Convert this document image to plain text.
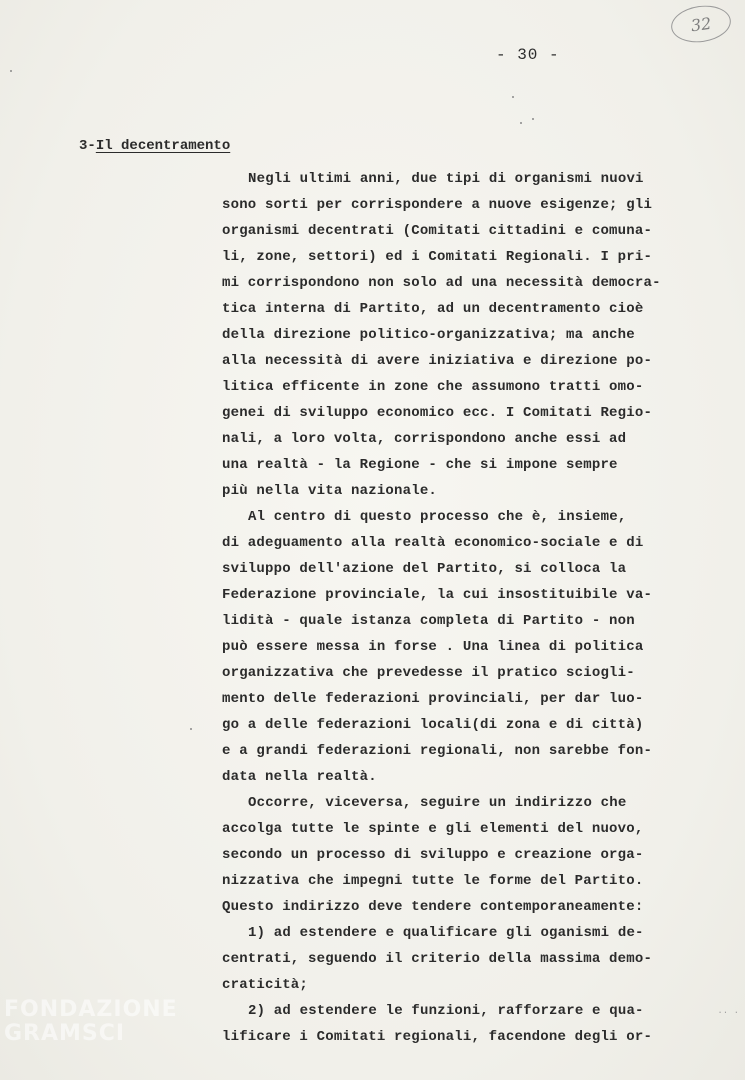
32
- 30 -
3-Il decentramento
Negli ultimi anni, due tipi di organismi nuovi
sono sorti per corrispondere a nuove esigenze; gli
organismi decentrati (Comitati cittadini e comuna-
li, zone, settori) ed i Comitati Regionali. I pri-
mi corrispondono non solo ad una necessità democra-
tica interna di Partito, ad un decentramento cioè
della direzione politico-organizzativa; ma anche
alla necessità di avere iniziativa e direzione po-
litica efficente in zone che assumono tratti omo-
genei di sviluppo economico ecc. I Comitati Regio-
nali, a loro volta, corrispondono anche essi ad
una realtà - la Regione - che si impone sempre
più nella vita nazionale.
Al centro di questo processo che è, insieme,
di adeguamento alla realtà economico-sociale e di
sviluppo dell'azione del Partito, si colloca la
Federazione provinciale, la cui insostituibile va-
lidità - quale istanza completa di Partito - non
può essere messa in forse . Una linea di politica
organizzativa che prevedesse il pratico sciogli-
mento delle federazioni provinciali, per dar luo-
go a delle federazioni locali(di zona e di città)
e a grandi federazioni regionali, non sarebbe fon-
data nella realtà.
Occorre, viceversa, seguire un indirizzo che
accolga tutte le spinte e gli elementi del nuovo,
secondo un processo di sviluppo e creazione orga-
nizzativa che impegni tutte le forme del Partito.
Questo indirizzo deve tendere contemporaneamente:
1) ad estendere e qualificare gli oganismi de-
centrati, seguendo il criterio della massima demo-
craticità;
2) ad estendere le funzioni, rafforzare e qua-
lificare i Comitati regionali, facendone degli or-
FONDAZIONE
GRAMSCI
·· ·
